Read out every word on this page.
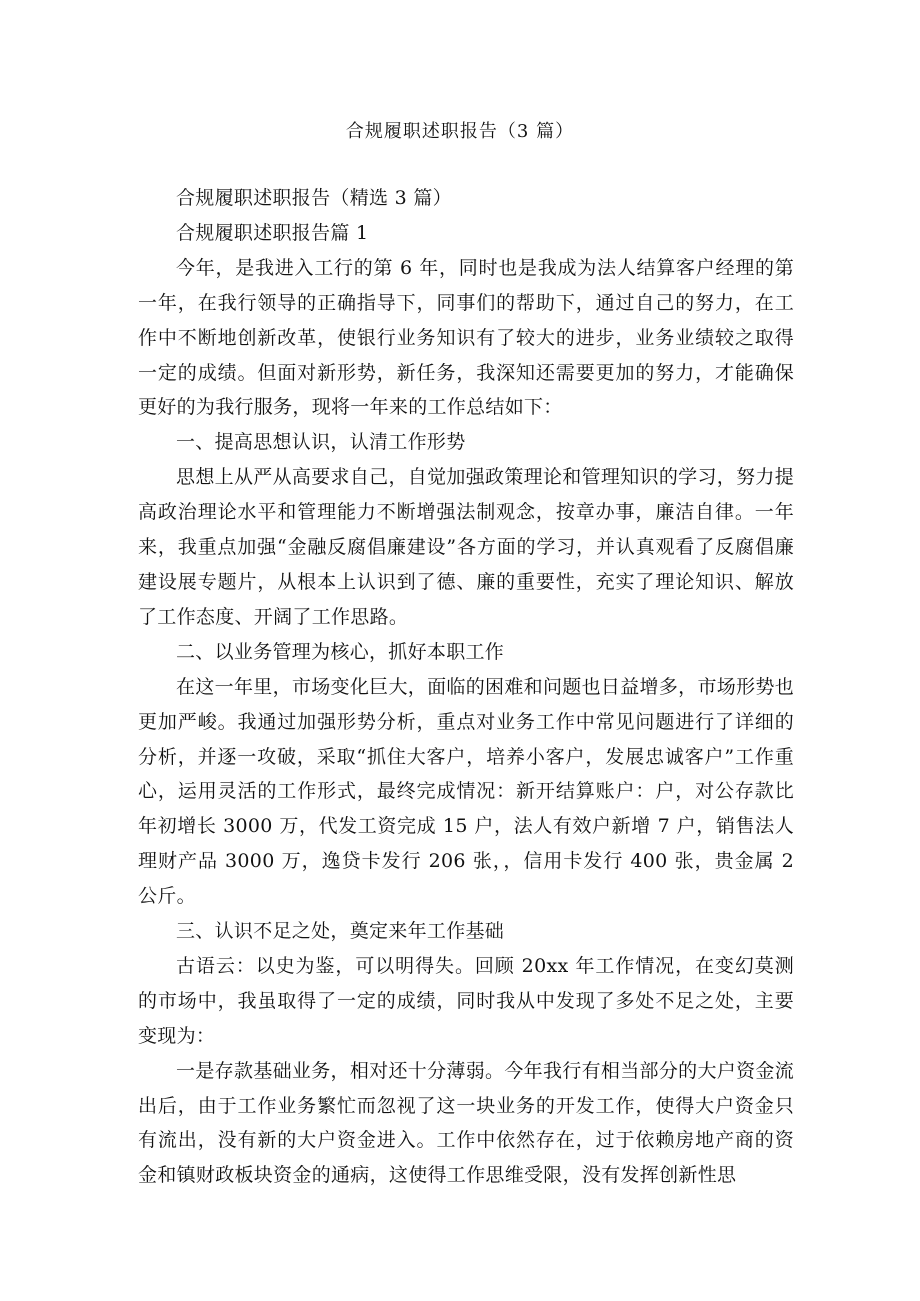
合规履职述职报告（3 篇）

合规履职述职报告（精选 3 篇）

合规履职述职报告篇 1

今年，是我进入工行的第 6 年，同时也是我成为法人结算客户经理的第一年，在我行领导的正确指导下，同事们的帮助下，通过自己的努力，在工作中不断地创新改革，使银行业务知识有了较大的进步，业务业绩较之取得一定的成绩。但面对新形势，新任务，我深知还需要更加的努力，才能确保更好的为我行服务，现将一年来的工作总结如下：

一、提高思想认识，认清工作形势

思想上从严从高要求自己，自觉加强政策理论和管理知识的学习，努力提高政治理论水平和管理能力不断增强法制观念，按章办事，廉洁自律。一年来，我重点加强“金融反腐倡廉建设”各方面的学习，并认真观看了反腐倡廉建设展专题片，从根本上认识到了德、廉的重要性，充实了理论知识、解放了工作态度、开阔了工作思路。

二、以业务管理为核心，抓好本职工作

在这一年里，市场变化巨大，面临的困难和问题也日益增多，市场形势也更加严峻。我通过加强形势分析，重点对业务工作中常见问题进行了详细的分析，并逐一攻破，采取“抓住大客户，培养小客户，发展忠诚客户”工作重心，运用灵活的工作形式，最终完成情况：新开结算账户：户，对公存款比年初增长 3000 万，代发工资完成 15 户，法人有效户新增 7 户，销售法人理财产品 3000 万，逸贷卡发行 206 张，，信用卡发行 400 张，贵金属 2 公斤。

三、认识不足之处，奠定来年工作基础

古语云：以史为鉴，可以明得失。回顾 20xx 年工作情况，在变幻莫测的市场中，我虽取得了一定的成绩，同时我从中发现了多处不足之处，主要变现为：

一是存款基础业务，相对还十分薄弱。今年我行有相当部分的大户资金流出后，由于工作业务繁忙而忽视了这一块业务的开发工作，使得大户资金只有流出，没有新的大户资金进入。工作中依然存在，过于依赖房地产商的资金和镇财政板块资金的通病，这使得工作思维受限，没有发挥创新性思
